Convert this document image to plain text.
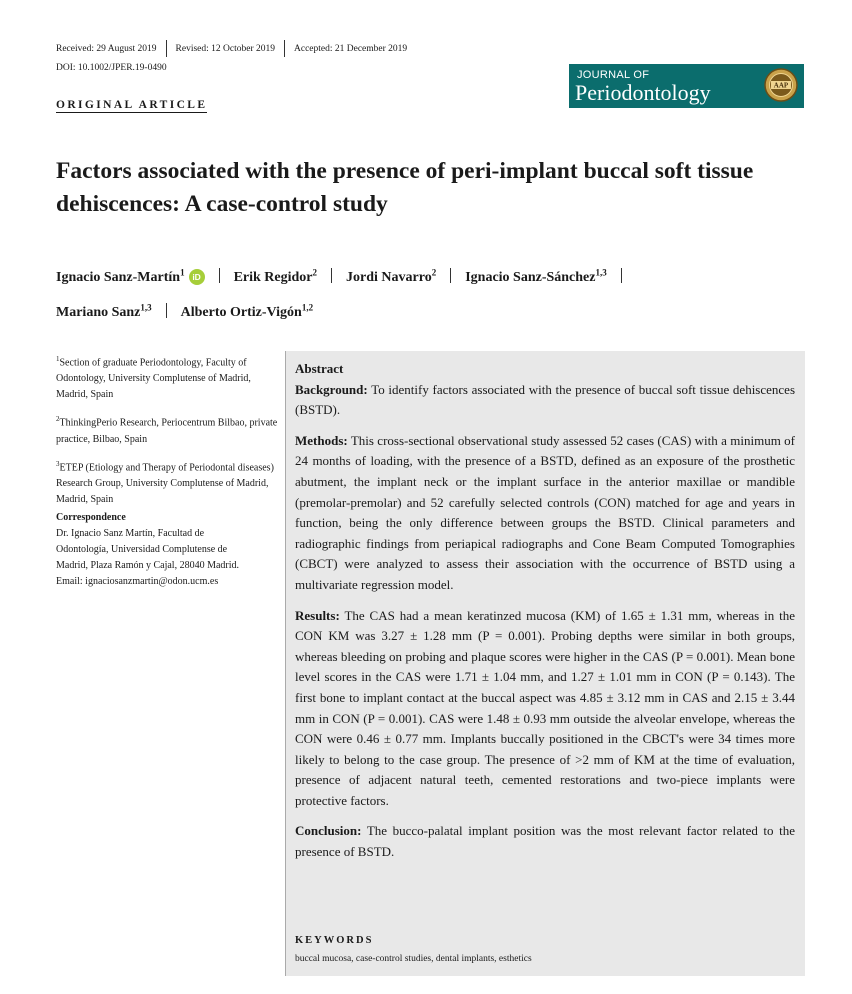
Received: 29 August 2019 Revised: 12 October 2019 Accepted: 21 December 2019
DOI: 10.1002/JPER.19-0490
JOURNAL OF
Periodontology	AAP
ORIGINAL ARTICLE
Factors associated with the presence of peri-implant buccal soft tissue dehiscences: A case-control study
Ignacio Sanz-Martín$^1$ iD Erik Regidor$^2$ Jordi Navarro$^2$ Ignacio Sanz-Sánchez$^{1,3}$
Mariano Sanz$^{1,3}$ Alberto Ortiz-Vigón$^{1,2}$

$^1$Section of graduate Periodontology, Faculty of Odontology, University Complutense of Madrid, Madrid, Spain

$^2$ThinkingPerio Research, Periocentrum Bilbao, private practice, Bilbao, Spain

$^3$ETEP (Etiology and Therapy of Periodontal diseases) Research Group, University Complutense of Madrid, Madrid, Spain

Correspondence
Dr. Ignacio Sanz Martín, Facultad de
Odontología, Universidad Complutense de
Madrid, Plaza Ramón y Cajal, 28040 Madrid.
Email: ignaciosanzmartin@odon.ucm.es
Abstract

Background: To identify factors associated with the presence of buccal soft tissue dehiscences (BSTD).

Methods: This cross-sectional observational study assessed 52 cases (CAS) with a minimum of 24 months of loading, with the presence of a BSTD, defined as an exposure of the prosthetic abutment, the implant neck or the implant surface in the anterior maxillae or mandible (premolar-premolar) and 52 carefully selected controls (CON) matched for age and years in function, being the only difference between groups the BSTD. Clinical parameters and radiographic findings from periapical radiographs and Cone Beam Computed Tomographies (CBCT) were analyzed to assess their association with the occurrence of BSTD using a multivariate regression model.

Results: The CAS had a mean keratinzed mucosa (KM) of 1.65 ± 1.31 mm, whereas in the CON KM was 3.27 ± 1.28 mm (P = 0.001). Probing depths were similar in both groups, whereas bleeding on probing and plaque scores were higher in the CAS (P = 0.001). Mean bone level scores in the CAS were 1.71 ± 1.04 mm, and 1.27 ± 1.01 mm in CON (P = 0.143). The first bone to implant contact at the buccal aspect was 4.85 ± 3.12 mm in CAS and 2.15 ± 3.44 mm in CON (P = 0.001). CAS were 1.48 ± 0.93 mm outside the alveolar envelope, whereas the CON were 0.46 ± 0.77 mm. Implants buccally positioned in the CBCT's were 34 times more likely to belong to the case group. The presence of >2 mm of KM at the time of evaluation, presence of adjacent natural teeth, cemented restorations and two-piece implants were protective factors.

Conclusion: The bucco-palatal implant position was the most relevant factor related to the presence of BSTD.

KEYWORDS
buccal mucosa, case-control studies, dental implants, esthetics
